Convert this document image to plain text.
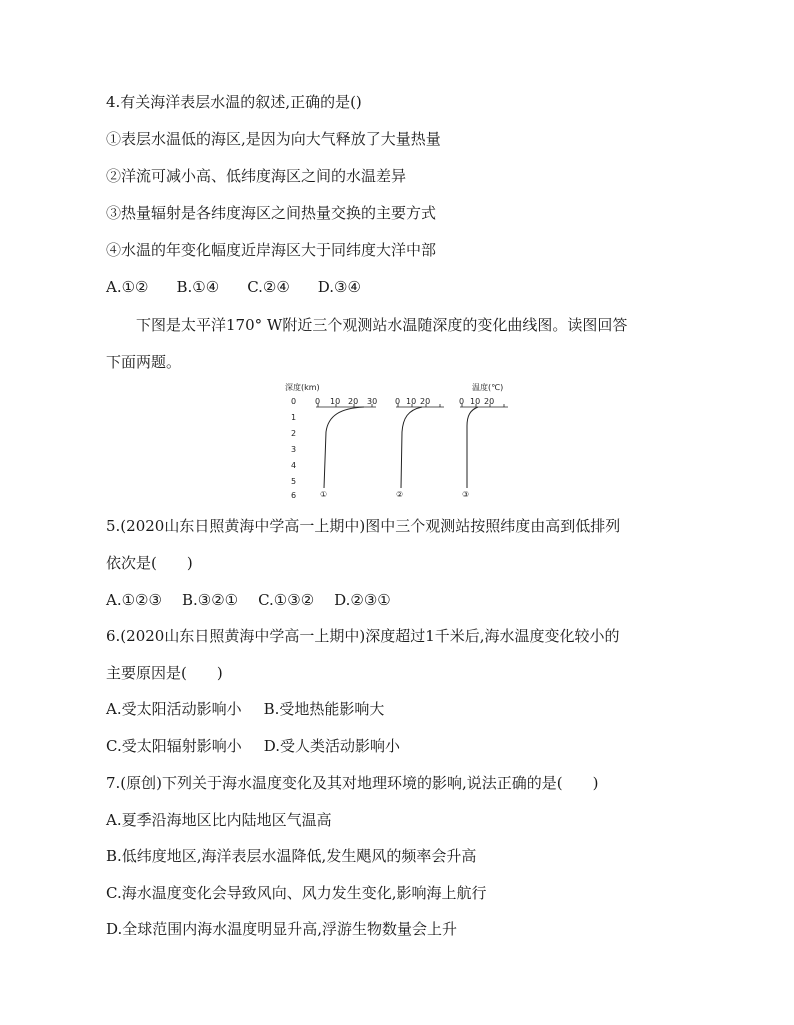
4.有关海洋表层水温的叙述,正确的是()
①表层水温低的海区,是因为向大气释放了大量热量
②洋流可减小高、低纬度海区之间的水温差异
③热量辐射是各纬度海区之间热量交换的主要方式
④水温的年变化幅度近岸海区大于同纬度大洋中部
A.①② B.①④ C.②④ D.③④
下图是太平洋170° W附近三个观测站水温随深度的变化曲线图。读图回答
下面两题。
深度(km)	温度(℃)
0
1
2
3
4
5
6
0 10 20 30
①
0 10 20
②
0 10 20
③
5.(2020山东日照黄海中学高一上期中)图中三个观测站按照纬度由高到低排列
依次是(　　)
A.①②③ B.③②① C.①③② D.②③①
6.(2020山东日照黄海中学高一上期中)深度超过1千米后,海水温度变化较小的
主要原因是(　　)
A.受太阳活动影响小 B.受地热能影响大
C.受太阳辐射影响小 D.受人类活动影响小
7.(原创)下列关于海水温度变化及其对地理环境的影响,说法正确的是(　　)
A.夏季沿海地区比内陆地区气温高
B.低纬度地区,海洋表层水温降低,发生飓风的频率会升高
C.海水温度变化会导致风向、风力发生变化,影响海上航行
D.全球范围内海水温度明显升高,浮游生物数量会上升
